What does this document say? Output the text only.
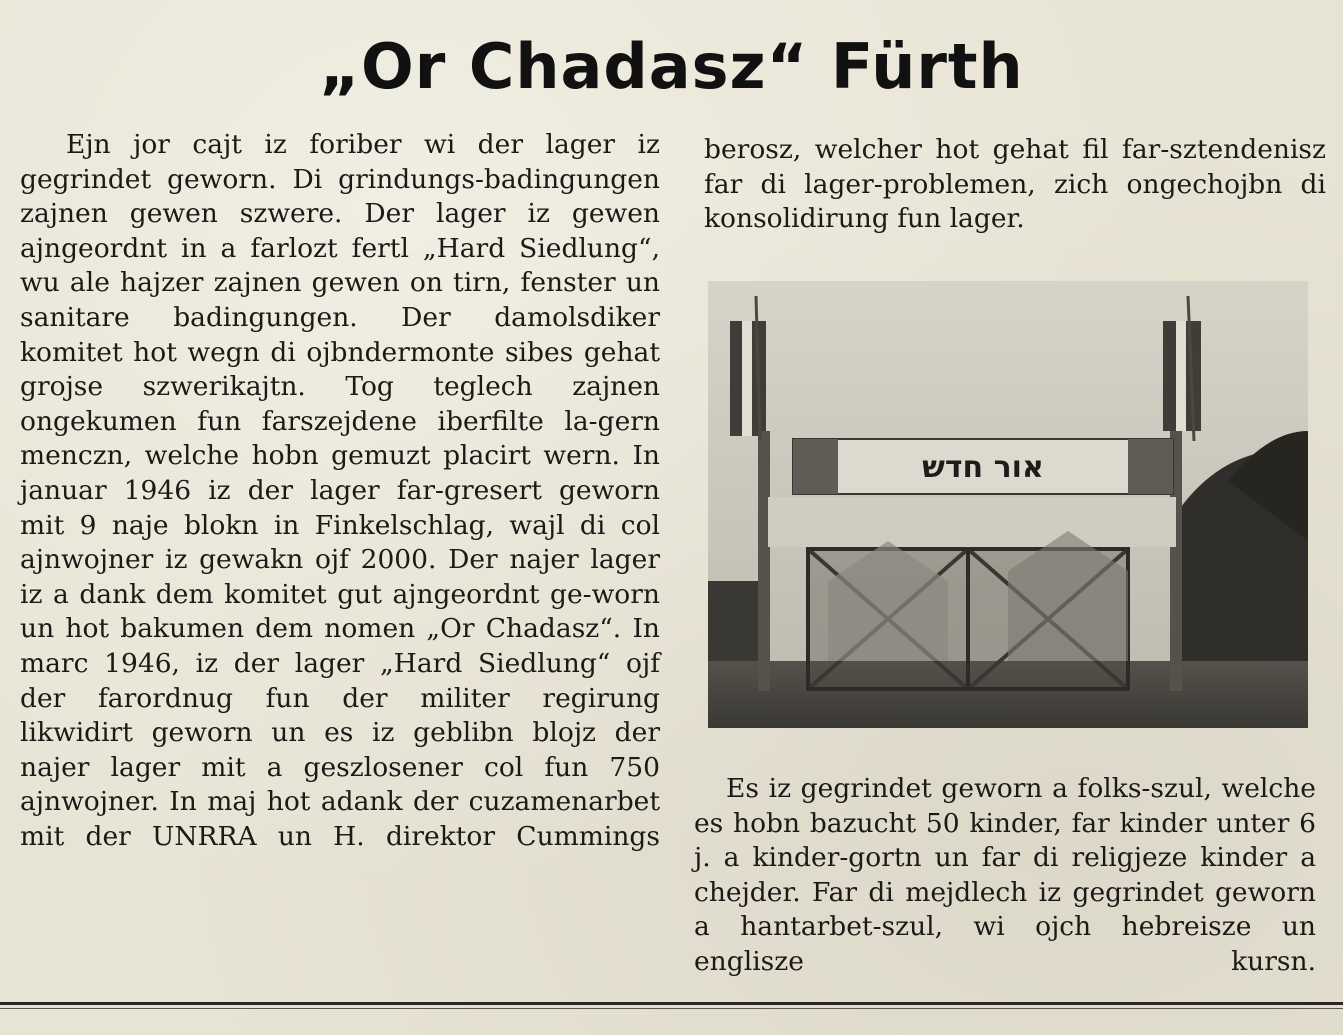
„Or Chadasz“ Fürth

Ejn jor cajt iz foriber wi der lager iz gegrindet geworn. Di grindungs-badingungen zajnen gewen szwere. Der lager iz gewen ajngeordnt in a farlozt fertl „Hard Siedlung“, wu ale hajzer zajnen gewen on tirn, fenster un sanitare badingungen. Der damolsdiker komitet hot wegn di ojbndermonte sibes gehat grojse szwerikajtn. Tog teglech zajnen ongekumen fun farszejdene iberfilte la-gern menczn, welche hobn gemuzt placirt wern. In januar 1946 iz der lager far-gresert geworn mit 9 naje blokn in Finkelschlag, wajl di col ajnwojner iz gewakn ojf 2000. Der najer lager iz a dank dem komitet gut ajngeordnt ge-worn un hot bakumen dem nomen „Or Chadasz“. In marc 1946, iz der lager „Hard Siedlung“ ojf der farordnug fun der militer regirung likwidirt geworn un es iz geblibn blojz der najer lager mit a geszlosener col fun 750 ajnwojner. In maj hot adank der cuzamenarbet mit der UNRRA un H. direktor Cummings

berosz, welcher hot gehat fil far-sztendenisz far di lager-problemen, zich ongechojbn di konsolidirung fun lager.

אור חדש

Es iz gegrindet geworn a folks-szul, welche es hobn bazucht 50 kinder, far kinder unter 6 j. a kinder-gortn un far di religjeze kinder a chejder. Far di mejdlech iz gegrindet geworn a hantarbet-szul, wi ojch hebreisze un englisze kursn.
